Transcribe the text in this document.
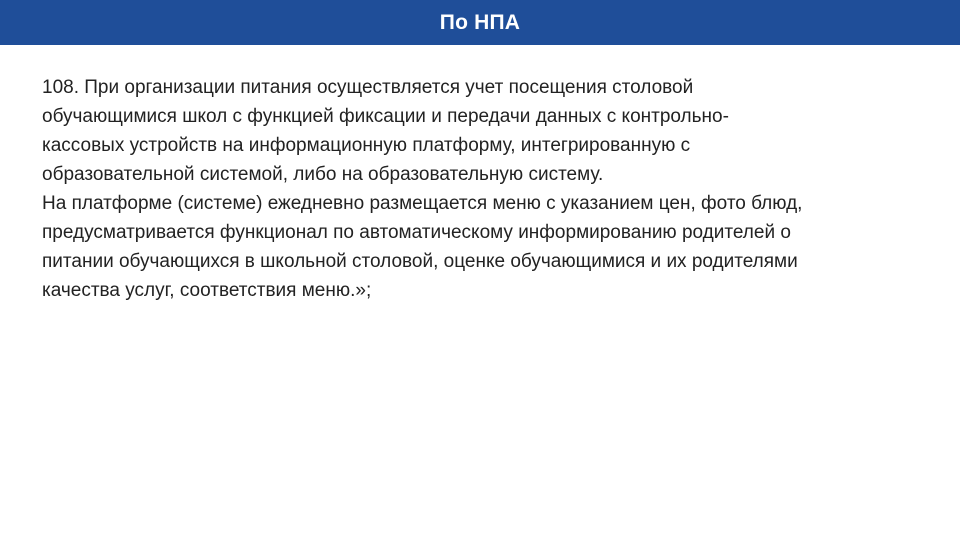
По НПА
108. При организации питания осуществляется учет посещения столовой
обучающимися школ с функцией фиксации и передачи данных с контрольно-
кассовых устройств на информационную платформу, интегрированную с
образовательной системой, либо на образовательную систему.
На платформе (системе) ежедневно размещается меню с указанием цен, фото блюд,
предусматривается функционал по автоматическому информированию родителей о
питании обучающихся в школьной столовой, оценке обучающимися и их родителями
качества услуг, соответствия меню.»;
